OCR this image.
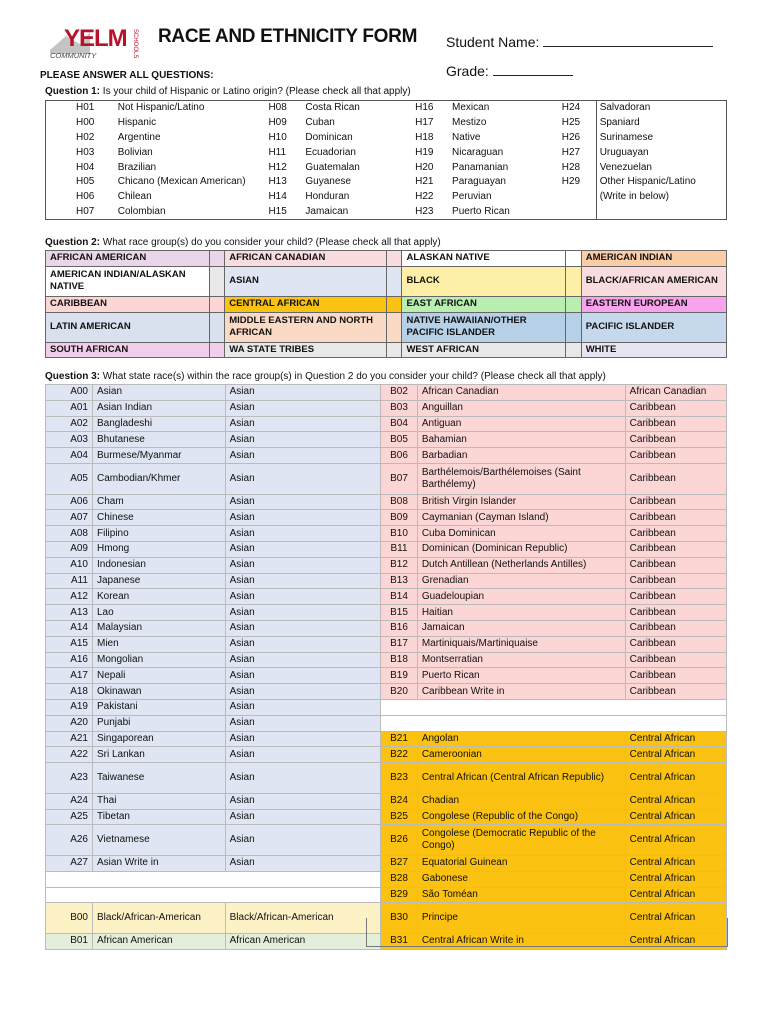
YELM SCHOOLS
COMMUNITY
RACE AND ETHNICITY FORM Student Name:
Grade:
PLEASE ANSWER ALL QUESTIONS:
Question 1: Is your child of Hispanic or Latino origin? (Please check all that apply)
H01	Not Hispanic/Latino	H08	Costa Rican	H16	Mexican	H24	Salvadoran
H00	Hispanic	H09	Cuban	H17	Mestizo	H25	Spaniard
H02	Argentine	H10	Dominican	H18	Native	H26	Surinamese
H03	Bolivian	H11	Ecuadorian	H19	Nicaraguan	H27	Uruguayan
H04	Brazilian	H12	Guatemalan	H20	Panamanian	H28	Venezuelan
H05	Chicano (Mexican American)	H13	Guyanese	H21	Paraguayan	H29	Other Hispanic/Latino
H06	Chilean	H14	Honduran	H22	Peruvian		(Write in below)
H07	Colombian	H15	Jamaican	H23	Puerto Rican		
Question 2: What race group(s) do you consider your child? (Please check all that apply)
AFRICAN AMERICAN		AFRICAN CANADIAN		ALASKAN NATIVE		AMERICAN INDIAN
AMERICAN INDIAN/ALASKAN NATIVE		ASIAN		BLACK		BLACK/AFRICAN AMERICAN
CARIBBEAN		CENTRAL AFRICAN		EAST AFRICAN		EASTERN EUROPEAN
LATIN AMERICAN		MIDDLE EASTERN AND NORTH AFRICAN		NATIVE HAWAIIAN/OTHER PACIFIC ISLANDER		PACIFIC ISLANDER
SOUTH AFRICAN		WA STATE TRIBES		WEST AFRICAN		WHITE
Question 3: What state race(s) within the race group(s) in Question 2 do you consider your child? (Please check all that apply)
A00	Asian	Asian	B02	African Canadian	African Canadian
A01	Asian Indian	Asian	B03	Anguillan	Caribbean
A02	Bangladeshi	Asian	B04	Antiguan	Caribbean
A03	Bhutanese	Asian	B05	Bahamian	Caribbean
A04	Burmese/Myanmar	Asian	B06	Barbadian	Caribbean
A05	Cambodian/Khmer	Asian	B07	Barthélemois/Barthélemoises (Saint Barthélemy)	Caribbean
A06	Cham	Asian	B08	British Virgin Islander	Caribbean
A07	Chinese	Asian	B09	Caymanian (Cayman Island)	Caribbean
A08	Filipino	Asian	B10	Cuba Dominican	Caribbean
A09	Hmong	Asian	B11	Dominican (Dominican Republic)	Caribbean
A10	Indonesian	Asian	B12	Dutch Antillean (Netherlands Antilles)	Caribbean
A11	Japanese	Asian	B13	Grenadian	Caribbean
A12	Korean	Asian	B14	Guadeloupian	Caribbean
A13	Lao	Asian	B15	Haitian	Caribbean
A14	Malaysian	Asian	B16	Jamaican	Caribbean
A15	Mien	Asian	B17	Martiniquais/Martiniquaise	Caribbean
A16	Mongolian	Asian	B18	Montserratian	Caribbean
A17	Nepali	Asian	B19	Puerto Rican	Caribbean
A18	Okinawan	Asian	B20	Caribbean Write in	Caribbean
A19	Pakistani	Asian			
A20	Punjabi	Asian			
A21	Singaporean	Asian	B21	Angolan	Central African
A22	Sri Lankan	Asian	B22	Cameroonian	Central African
A23	Taiwanese	Asian	B23	Central African (Central African Republic)	Central African
A24	Thai	Asian	B24	Chadian	Central African
A25	Tibetan	Asian	B25	Congolese (Republic of the Congo)	Central African
A26	Vietnamese	Asian	B26	Congolese (Democratic Republic of the Congo)	Central African
A27	Asian Write in	Asian	B27	Equatorial Guinean	Central African
			B28	Gabonese	Central African
			B29	São Toméan	Central African
B00	Black/African-American	Black/African-American	B30	Principe	Central African
B01	African American	African American	B31	Central African Write in	Central African
